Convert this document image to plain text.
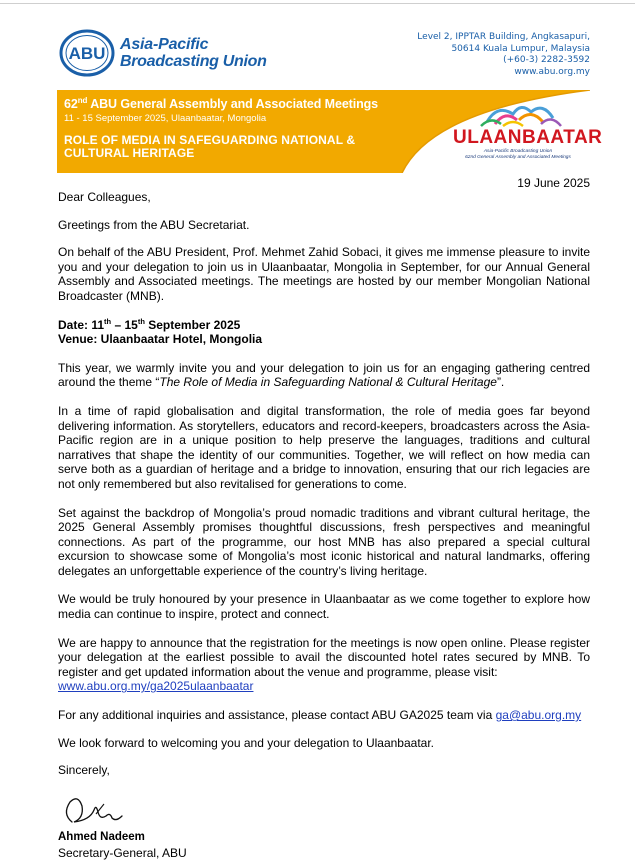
ABU Asia-Pacific
Broadcasting Union
Level 2, IPPTAR Building, Angkasapuri,
50614 Kuala Lumpur, Malaysia
(+60-3) 2282-3592
www.abu.org.my
62nd ABU General Assembly and Associated Meetings
11 - 15 September 2025, Ulaanbaatar, Mongolia
ROLE OF MEDIA IN SAFEGUARDING NATIONAL &
CULTURAL HERITAGE
ULAANBAATAR
Asia-Pacific Broadcasting Union
62nd General Assembly and Associated Meetings
19 June 2025

Dear Colleagues,

Greetings from the ABU Secretariat.

On behalf of the ABU President, Prof. Mehmet Zahid Sobaci, it gives me immense pleasure to invite you and your delegation to join us in Ulaanbaatar, Mongolia in September, for our Annual General Assembly and Associated meetings. The meetings are hosted by our member Mongolian National Broadcaster (MNB).

Date: 11th – 15th September 2025

Venue: Ulaanbaatar Hotel, Mongolia

This year, we warmly invite you and your delegation to join us for an engaging gathering centred around the theme “The Role of Media in Safeguarding National & Cultural Heritage”.

In a time of rapid globalisation and digital transformation, the role of media goes far beyond delivering information. As storytellers, educators and record-keepers, broadcasters across the Asia-Pacific region are in a unique position to help preserve the languages, traditions and cultural narratives that shape the identity of our communities. Together, we will reflect on how media can serve both as a guardian of heritage and a bridge to innovation, ensuring that our rich legacies are not only remembered but also revitalised for generations to come.

Set against the backdrop of Mongolia’s proud nomadic traditions and vibrant cultural heritage, the 2025 General Assembly promises thoughtful discussions, fresh perspectives and meaningful connections. As part of the programme, our host MNB has also prepared a special cultural excursion to showcase some of Mongolia’s most iconic historical and natural landmarks, offering delegates an unforgettable experience of the country’s living heritage.

We would be truly honoured by your presence in Ulaanbaatar as we come together to explore how media can continue to inspire, protect and connect.

We are happy to announce that the registration for the meetings is now open online. Please register your delegation at the earliest possible to avail the discounted hotel rates secured by MNB. To register and get updated information about the venue and programme, please visit:
www.abu.org.my/ga2025ulaanbaatar

For any additional inquiries and assistance, please contact ABU GA2025 team via ga@abu.org.my

We look forward to welcoming you and your delegation to Ulaanbaatar.

Sincerely,

Ahmed Nadeem
Secretary-General, ABU
